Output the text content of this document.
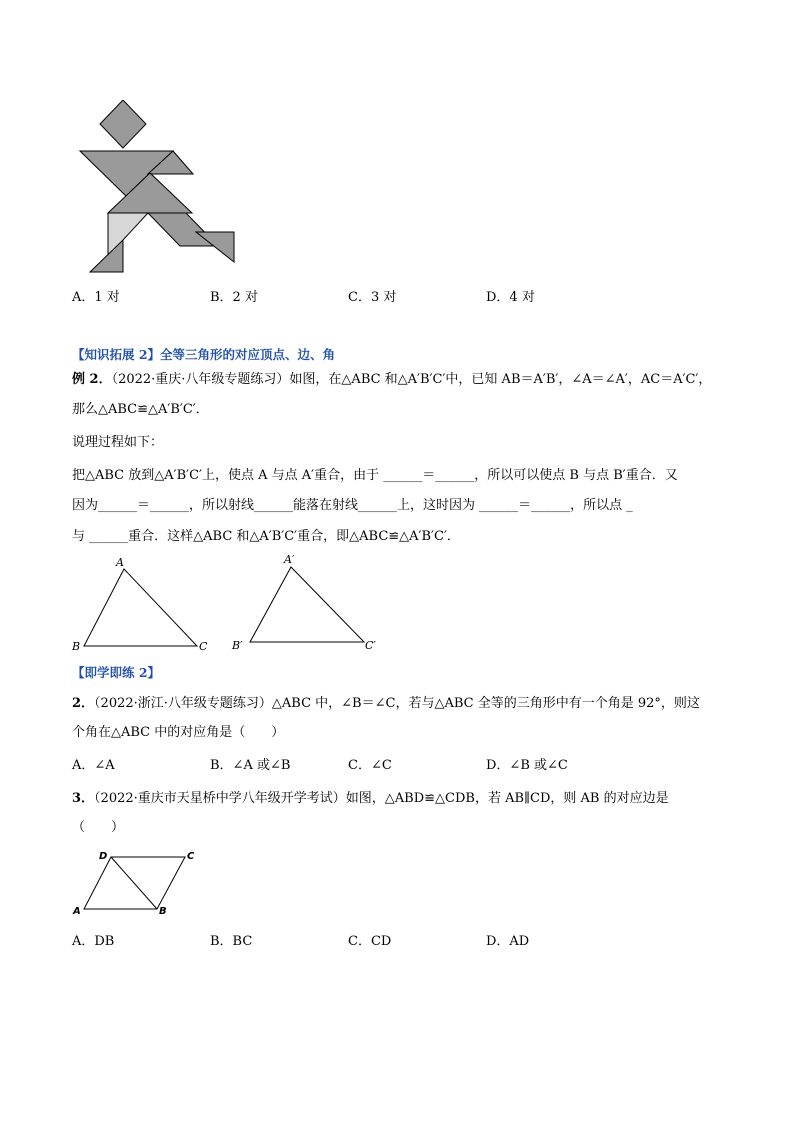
A．1 对	B．2 对	C．3 对	D．4 对
【知识拓展 2】全等三角形的对应顶点、边、角
例 2．（2022·重庆·八年级专题练习）如图，在△ABC 和△A′B′C′中，已知 AB＝A′B′，∠A＝∠A′，AC＝A′C′，
那么△ABC≌△A′B′C′．
说理过程如下：
把△ABC 放到△A′B′C′上，使点 A 与点 A′重合，由于 ______＝______，所以可以使点 B 与点 B′重合．又
因为______＝______，所以射线______能落在射线______上，这时因为 ______＝______，所以点 _
与 ______重合．这样△ABC 和△A′B′C′重合，即△ABC≌△A′B′C′．
A
B	C
A′
B′	C′
【即学即练 2】
2．（2022·浙江·八年级专题练习）△ABC 中，∠B＝∠C，若与△ABC 全等的三角形中有一个角是 92°，则这
个角在△ABC 中的对应角是（　　）
A．∠A	B．∠A 或∠B	C．∠C	D．∠B 或∠C
3．（2022·重庆市天星桥中学八年级开学考试）如图，△ABD≌△CDB，若 AB∥CD，则 AB 的对应边是
（　　）
D	C
A	B
A．DB	B．BC	C．CD	D．AD
